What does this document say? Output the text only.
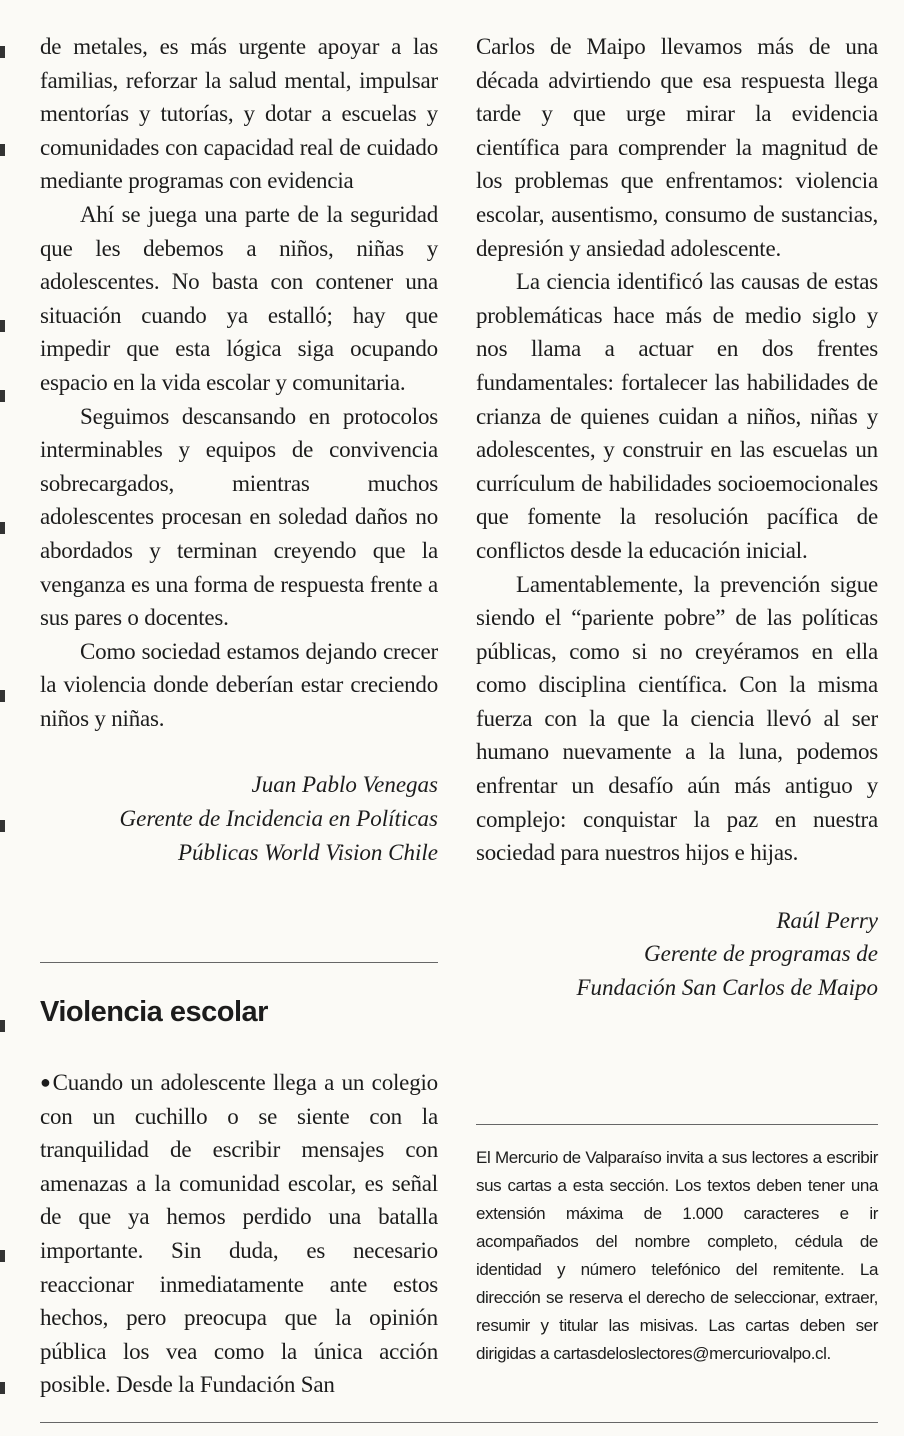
de metales, es más urgente apoyar a las familias, reforzar la salud mental, impulsar mentorías y tutorías, y dotar a escuelas y comunidades con capacidad real de cuidado mediante programas con evidencia

Ahí se juega una parte de la seguridad que les debemos a niños, niñas y adolescentes. No basta con contener una situación cuando ya estalló; hay que impedir que esta lógica siga ocupando espacio en la vida escolar y comunitaria.

Seguimos descansando en protocolos interminables y equipos de convivencia sobrecargados, mientras muchos adolescentes procesan en soledad daños no abordados y terminan creyendo que la venganza es una forma de respuesta frente a sus pares o docentes.

Como sociedad estamos dejando crecer la violencia donde deberían estar creciendo niños y niñas.

Juan Pablo Venegas

Gerente de Incidencia en Políticas

Públicas World Vision Chile

Violencia escolar

●Cuando un adolescente llega a un colegio con un cuchillo o se siente con la tranquilidad de escribir mensajes con amenazas a la comunidad escolar, es señal de que ya hemos perdido una batalla importante. Sin duda, es necesario reaccionar inmediatamente ante estos hechos, pero preocupa que la opinión pública los vea como la única acción posible. Desde la Fundación San

Carlos de Maipo llevamos más de una década advirtiendo que esa respuesta llega tarde y que urge mirar la evidencia científica para comprender la magnitud de los problemas que enfrentamos: violencia escolar, ausentismo, consumo de sustancias, depresión y ansiedad adolescente.

La ciencia identificó las causas de estas problemáticas hace más de medio siglo y nos llama a actuar en dos frentes fundamentales: fortalecer las habilidades de crianza de quienes cuidan a niños, niñas y adolescentes, y construir en las escuelas un currículum de habilidades socioemocionales que fomente la resolución pacífica de conflictos desde la educación inicial.

Lamentablemente, la prevención sigue siendo el “pariente pobre” de las políticas públicas, como si no creyéramos en ella como disciplina científica. Con la misma fuerza con la que la ciencia llevó al ser humano nuevamente a la luna, podemos enfrentar un desafío aún más antiguo y complejo: conquistar la paz en nuestra sociedad para nuestros hijos e hijas.

Raúl Perry

Gerente de programas de

Fundación San Carlos de Maipo

El Mercurio de Valparaíso invita a sus lectores a escribir sus cartas a esta sección. Los textos deben tener una extensión máxima de 1.000 caracteres e ir acompañados del nombre completo, cédula de identidad y número telefónico del remitente. La dirección se reserva el derecho de seleccionar, extraer, resumir y titular las misivas. Las cartas deben ser dirigidas a cartasdeloslectores@mercuriovalpo.cl.
